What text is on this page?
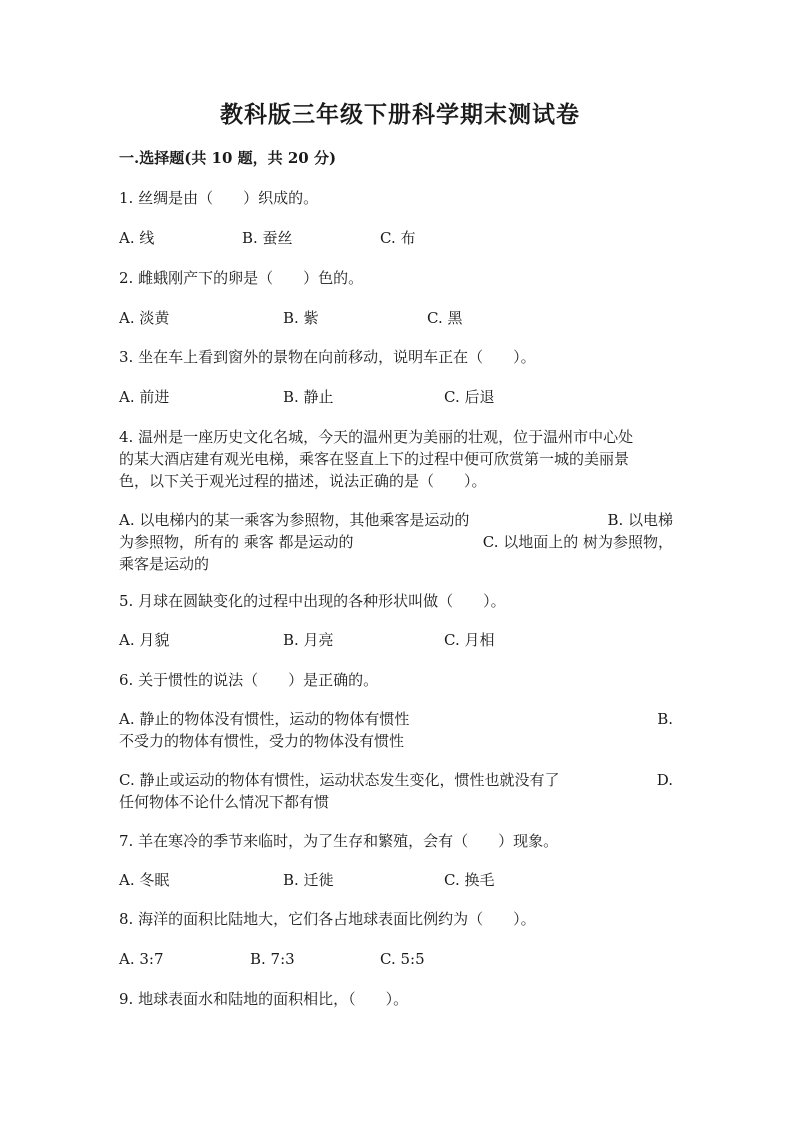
教科版三年级下册科学期末测试卷
一.选择题(共 10 题，共 20 分)
1. 丝绸是由（　　）织成的。
A. 线	B. 蚕丝	C. 布
2. 雌蛾刚产下的卵是（　　）色的。
A. 淡黄	B. 紫	C. 黑
3. 坐在车上看到窗外的景物在向前移动，说明车正在（　　）。
A. 前进	B. 静止	C. 后退
4. 温州是一座历史文化名城，今天的温州更为美丽的壮观，位于温州市中心处
的某大酒店建有观光电梯，乘客在竖直上下的过程中便可欣赏第一城的美丽景
色，以下关于观光过程的描述，说法正确的是（　　）。
A. 以电梯内的某一乘客为参照物，其他乘客是运动的	B. 以电梯
为参照物，所有的 乘客 都是运动的	C. 以地面上的 树为参照物，
乘客是运动的
5. 月球在圆缺变化的过程中出现的各种形状叫做（　　）。
A. 月貌	B. 月亮	C. 月相
6. 关于惯性的说法（　　）是正确的。
A. 静止的物体没有惯性，运动的物体有惯性	B.
不受力的物体有惯性，受力的物体没有惯性
C. 静止或运动的物体有惯性，运动状态发生变化，惯性也就没有了	D.
任何物体不论什么情况下都有惯
7. 羊在寒冷的季节来临时，为了生存和繁殖，会有（　　）现象。
A. 冬眠	B. 迁徙	C. 换毛
8. 海洋的面积比陆地大，它们各占地球表面比例约为（　　）。
A. 3:7	B. 7:3	C. 5:5
9. 地球表面水和陆地的面积相比，（　　）。
